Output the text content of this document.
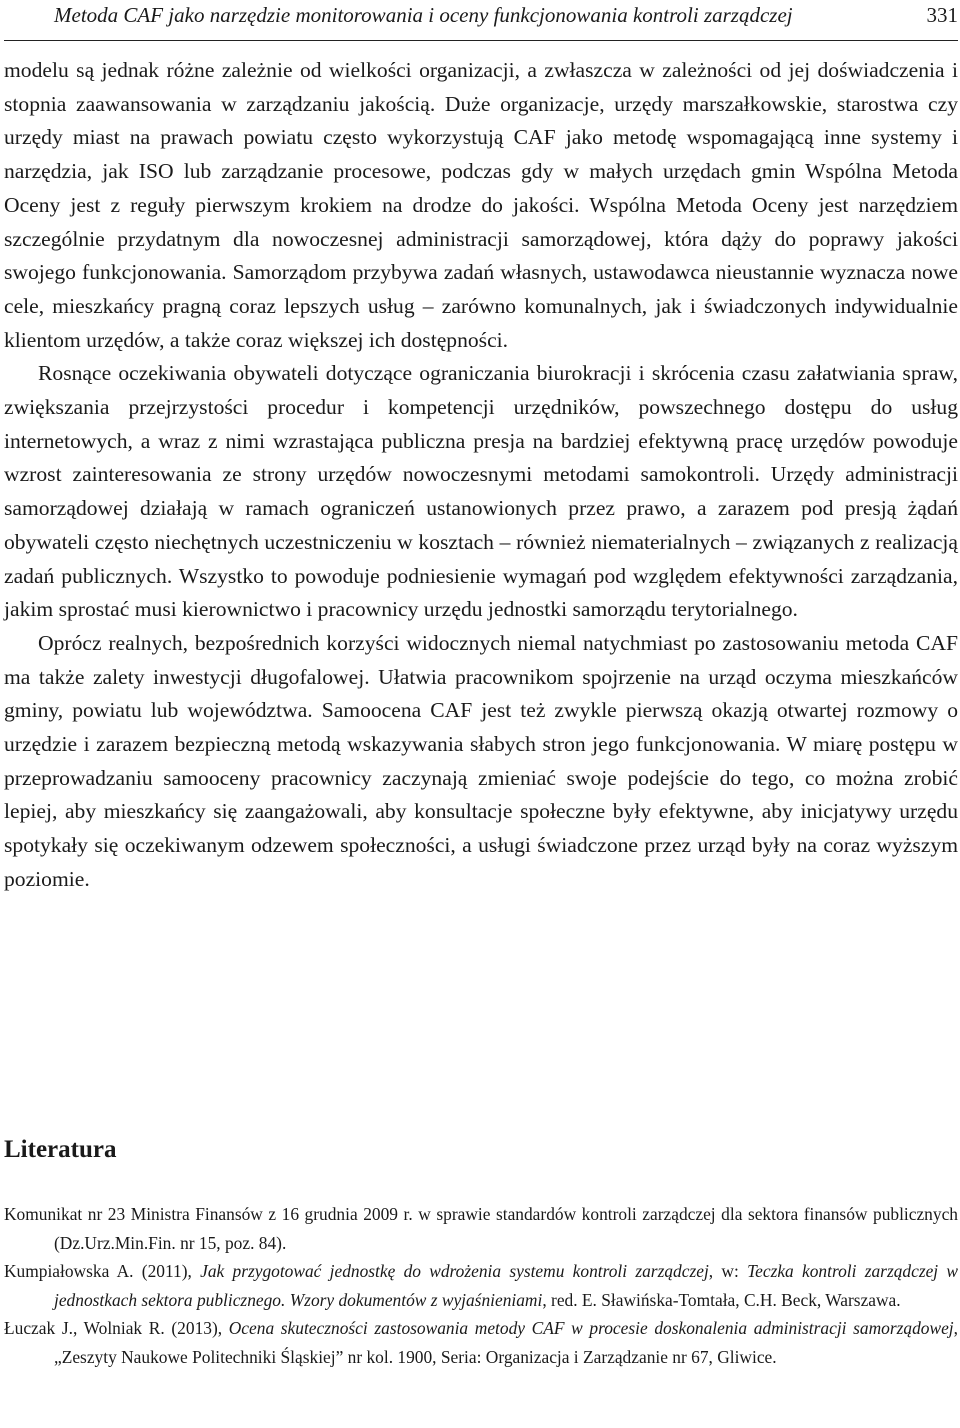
Metoda CAF jako narzędzie monitorowania i oceny funkcjonowania kontroli zarządczej	331

modelu są jednak różne zależnie od wielkości organizacji, a zwłaszcza w zależności od jej doświadczenia i stopnia zaawansowania w zarządzaniu jakością. Duże organizacje, urzędy marszałkowskie, starostwa czy urzędy miast na prawach powiatu często wykorzystują CAF jako metodę wspomagającą inne systemy i narzędzia, jak ISO lub zarządzanie procesowe, podczas gdy w małych urzędach gmin Wspólna Metoda Oceny jest z reguły pierwszym krokiem na drodze do jakości. Wspólna Metoda Oceny jest narzędziem szczególnie przydatnym dla nowoczesnej administracji samorządowej, która dąży do poprawy jakości swojego funkcjonowania. Samorządom przybywa zadań własnych, ustawodawca nieustannie wyznacza nowe cele, mieszkańcy pragną coraz lepszych usług – zarówno komunalnych, jak i świadczonych indywidualnie klientom urzędów, a także coraz większej ich dostępności.

Rosnące oczekiwania obywateli dotyczące ograniczania biurokracji i skrócenia czasu załatwiania spraw, zwiększania przejrzystości procedur i kompetencji urzędników, powszechnego dostępu do usług internetowych, a wraz z nimi wzrastająca publiczna presja na bardziej efektywną pracę urzędów powoduje wzrost zainteresowania ze strony urzędów nowoczesnymi metodami samokontroli. Urzędy administracji samorządowej działają w ramach ograniczeń ustanowionych przez prawo, a zarazem pod presją żądań obywateli często niechętnych uczestniczeniu w kosztach – również niematerialnych – związanych z realizacją zadań publicznych. Wszystko to powoduje podniesienie wymagań pod względem efektywności zarządzania, jakim sprostać musi kierownictwo i pracownicy urzędu jednostki samorządu terytorialnego.

Oprócz realnych, bezpośrednich korzyści widocznych niemal natychmiast po zastosowaniu metoda CAF ma także zalety inwestycji długofalowej. Ułatwia pracownikom spojrzenie na urząd oczyma mieszkańców gminy, powiatu lub województwa. Samoocena CAF jest też zwykle pierwszą okazją otwartej rozmowy o urzędzie i zarazem bezpieczną metodą wskazywania słabych stron jego funkcjonowania. W miarę postępu w przeprowadzaniu samooceny pracownicy zaczynają zmieniać swoje podejście do tego, co można zrobić lepiej, aby mieszkańcy się zaangażowali, aby konsultacje społeczne były efektywne, aby inicjatywy urzędu spotykały się oczekiwanym odzewem społeczności, a usługi świadczone przez urząd były na coraz wyższym poziomie.

Literatura

Komunikat nr 23 Ministra Finansów z 16 grudnia 2009 r. w sprawie standardów kontroli zarządczej dla sektora finansów publicznych (Dz.Urz.Min.Fin. nr 15, poz. 84).

Kumpiałowska A. (2011), Jak przygotować jednostkę do wdrożenia systemu kontroli zarządczej, w: Teczka kontroli zarządczej w jednostkach sektora publicznego. Wzory dokumentów z wyjaśnieniami, red. E. Sławińska-Tomtała, C.H. Beck, Warszawa.

Łuczak J., Wolniak R. (2013), Ocena skuteczności zastosowania metody CAF w procesie doskonalenia administracji samorządowej, „Zeszyty Naukowe Politechniki Śląskiej” nr kol. 1900, Seria: Organizacja i Zarządzanie nr 67, Gliwice.
